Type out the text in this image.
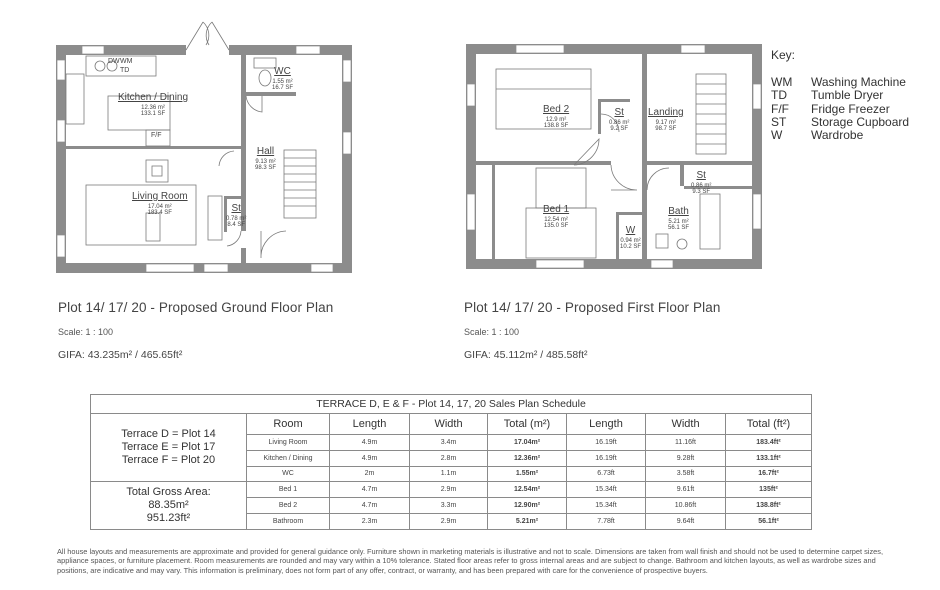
DW WM
TD
F/F
Kitchen / Dining
12.36 m²
133.1 SF
WC
1.55 m²
16.7 SF
Hall
9.13 m²
98.3 SF
Living Room
17.04 m²
183.4 SF	St
0.78 m²
8.4 SF
Bed 2
12.9 m²
138.8 SF
St
0.86 m²
9.2 SF
Landing
9.17 m²
98.7 SF
St
0.86 m²
9.3 SF
Bed 1
12.54 m²
135.0 SF	W
0.94 m²
10.2 SF
Bath
5.21 m²
56.1 SF
Key:
WM	Washing Machine
TD	Tumble Dryer
F/F	Fridge Freezer
ST	Storage Cupboard
W	Wardrobe
Plot 14/ 17/ 20 - Proposed Ground Floor Plan
Scale: 1 : 100
GIFA: 43.235m² / 465.65ft²
Plot 14/ 17/ 20 - Proposed First Floor Plan
Scale: 1 : 100
GIFA: 45.112m² / 485.58ft²
TERRACE D, E & F - Plot 14, 17, 20 Sales Plan Schedule							

Terrace D = Plot 14
Terrace E = Plot 17
Terrace F = Plot 20	Room	Length	Width	Total (m²)	Length	Width	Total (ft²)
	Living Room	4.9m	3.4m	17.04m²	16.19ft	11.16ft	183.4ft²
	Kitchen / Dining	4.9m	2.8m	12.36m²	16.19ft	9.28ft	133.1ft²
	WC	2m	1.1m	1.55m²	6.73ft	3.58ft	16.7ft²

Total Gross Area:
88.35m²
951.23ft²	Bed 1	4.7m	2.9m	12.54m²	15.34ft	9.61ft	135ft²
	Bed 2	4.7m	3.3m	12.90m²	15.34ft	10.86ft	138.8ft²
	Bathroom	2.3m	2.9m	5.21m²	7.78ft	9.64ft	56.1ft²
All house layouts and measurements are approximate and provided for general guidance only. Furniture shown in marketing materials is illustrative and not to scale. Dimensions are taken from wall finish and should not be used to determine carpet sizes, appliance spaces, or furniture placement. Room measurements are rounded and may vary within a 10% tolerance. Stated floor areas refer to gross internal areas and are subject to change. Bathroom and kitchen layouts, as well as wardrobe sizes and positions, are indicative and may vary. This information is preliminary, does not form part of any offer, contract, or warranty, and has been prepared with care for the convenience of prospective buyers.
